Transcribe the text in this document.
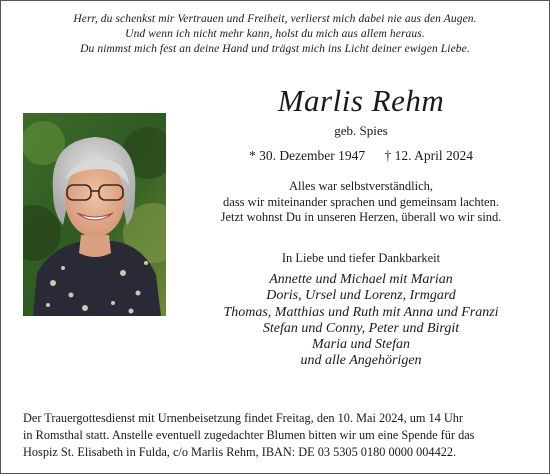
Herr, du schenkst mir Vertrauen und Freiheit, verlierst mich dabei nie aus den Augen.
Und wenn ich nicht mehr kann, holst du mich aus allem heraus.
Du nimmst mich fest an deine Hand und trägst mich ins Licht deiner ewigen Liebe.
Marlis Rehm
geb. Spies
* 30. Dezember 1947 † 12. April 2024
Alles war selbstverständlich,
dass wir miteinander sprachen und gemeinsam lachten.
Jetzt wohnst Du in unseren Herzen, überall wo wir sind.
In Liebe und tiefer Dankbarkeit
Annette und Michael mit Marian
Doris, Ursel und Lorenz, Irmgard
Thomas, Matthias und Ruth mit Anna und Franzi
Stefan und Conny, Peter und Birgit
Maria und Stefan
und alle Angehörigen
Der Trauergottesdienst mit Urnenbeisetzung findet Freitag, den 10. Mai 2024, um 14 Uhr
in Romsthal statt. Anstelle eventuell zugedachter Blumen bitten wir um eine Spende für das
Hospiz St. Elisabeth in Fulda, c/o Marlis Rehm, IBAN: DE 03 5305 0180 0000 004422.
